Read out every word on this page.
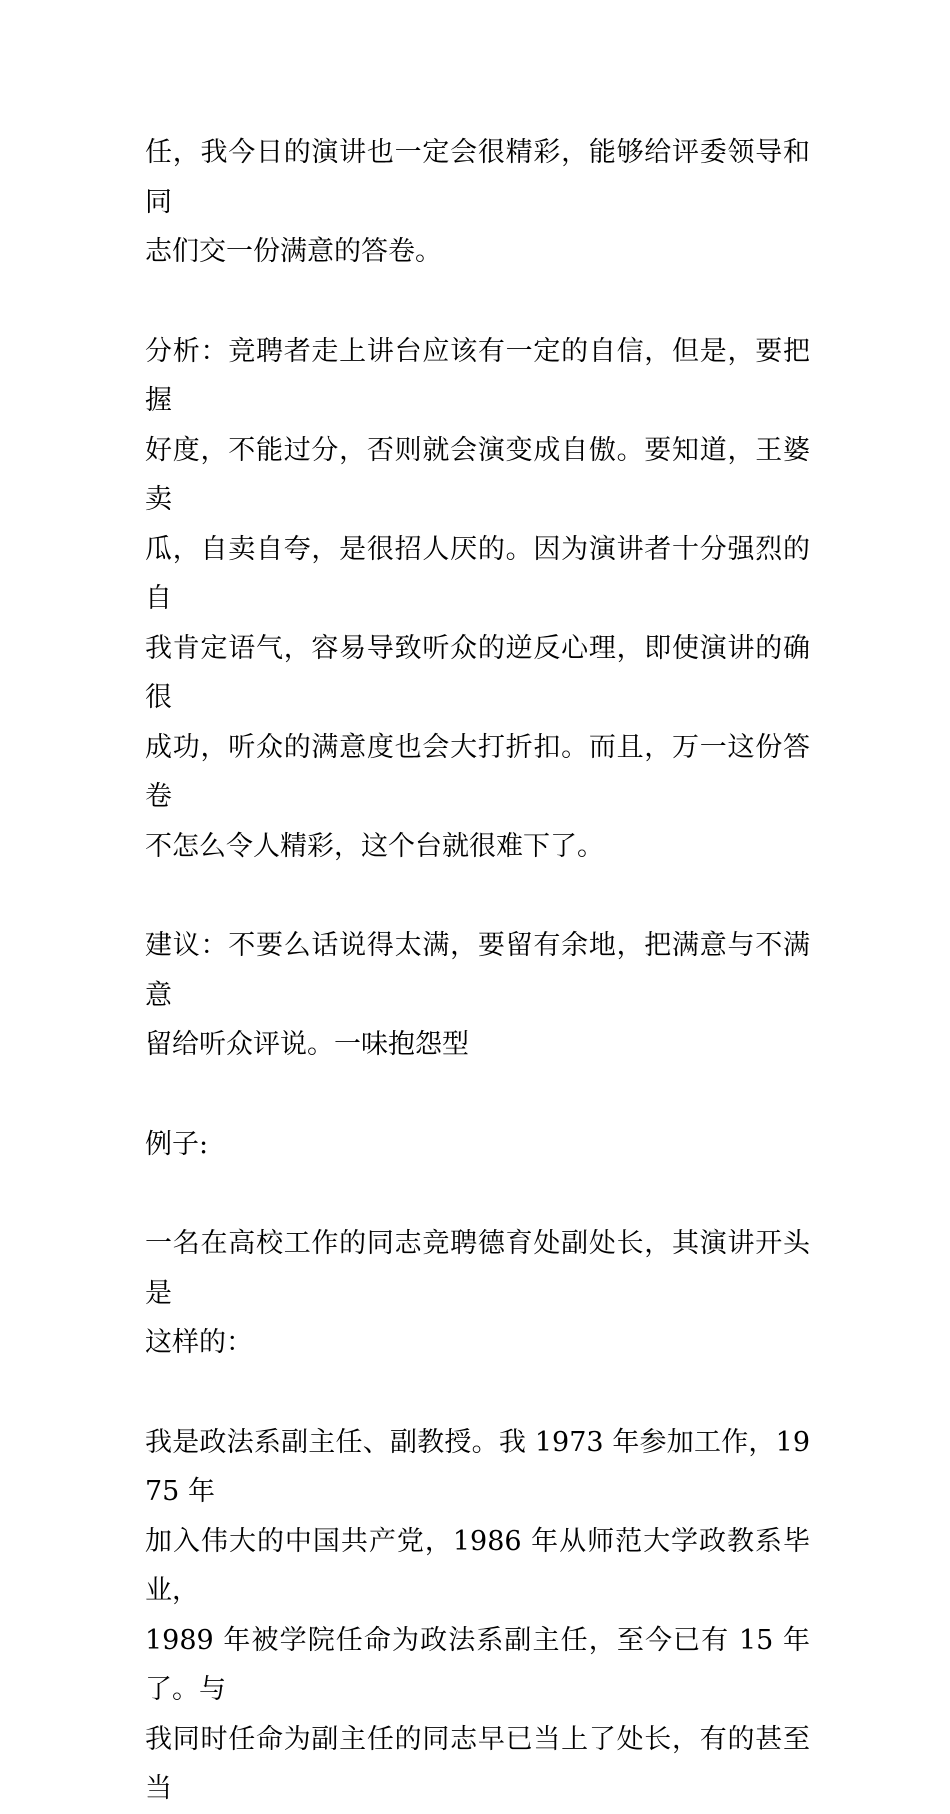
任，我今日的演讲也一定会很精彩，能够给评委领导和同
志们交一份满意的答卷。

分析：竞聘者走上讲台应该有一定的自信，但是，要把握
好度，不能过分，否则就会演变成自傲。要知道，王婆卖
瓜，自卖自夸，是很招人厌的。因为演讲者十分强烈的自
我肯定语气，容易导致听众的逆反心理，即使演讲的确很
成功，听众的满意度也会大打折扣。而且，万一这份答卷
不怎么令人精彩，这个台就很难下了。

建议：不要么话说得太满，要留有余地，把满意与不满意
留给听众评说。一味抱怨型

例子:

一名在高校工作的同志竞聘德育处副处长，其演讲开头是
这样的：

我是政法系副主任、副教授。我 1973 年参加工作，1975 年
加入伟大的中国共产党，1986 年从师范大学政教系毕业，
1989 年被学院任命为政法系副主任，至今已有 15 年了。与
我同时任命为副主任的同志早已当上了处长，有的甚至当
